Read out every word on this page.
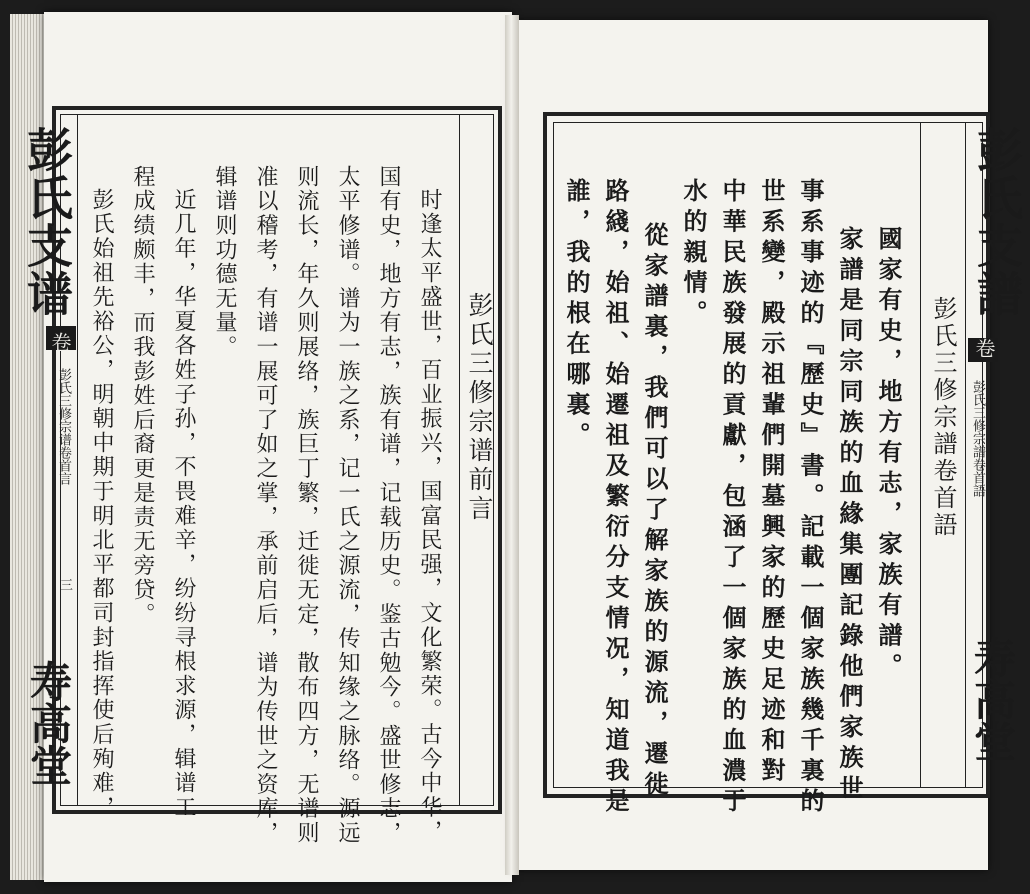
彭氏支谱
卷
彭氏三修宗谱卷首言
三
寿高堂
彭氏三修宗谱前言
时逢太平盛世，百业振兴，国富民强，文化繁荣。古今中华，
国有史，地方有志，族有谱，记载历史。鉴古勉今。盛世修志，
太平修谱。谱为一族之系，记一氏之源流，传知缘之脉络。源远
则流长，年久则展络，族巨丁繁，迁徙无定，散布四方，无谱则
准以稽考，有谱一展可了如之掌，承前启后，谱为传世之资库，
辑谱则功德无量。
近几年，华夏各姓子孙，不畏难辛，纷纷寻根求源，辑谱工
程成绩颇丰，而我彭姓后裔更是责无旁贷。
彭氏始祖先裕公，明朝中期于明北平都司封指挥使后殉难，	彭氏支譜
卷
彭氏三修宗譜卷首語
寿高堂
彭氏三修宗譜卷首語
國家有史，地方有志，家族有譜。
家譜是同宗同族的血緣集團記錄他們家族世
事系事迹的『歷史』書。記載一個家族幾千裏的
世系變，殿示祖輩們開墓興家的歷史足迹和對
中華民族發展的貢獻，包涵了一個家族的血濃于
水的親情。
從家譜裏，我們可以了解家族的源流，遷徙
路綫，始祖、始遷祖及繁衍分支情况，知道我是
誰，我的根在哪裏。
